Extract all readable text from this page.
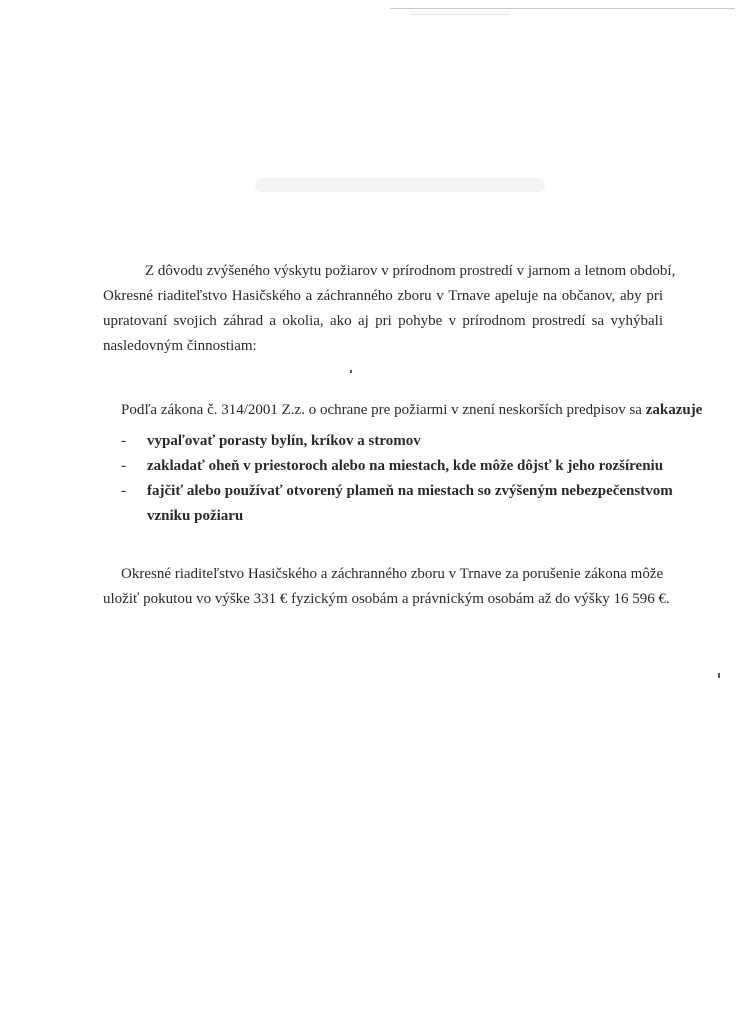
Z dôvodu zvýšeného výskytu požiarov v prírodnom prostredí v jarnom a letnom období,
Okresné riaditeľstvo Hasičského a záchranného zboru v Trnave apeluje na občanov, aby pri
upratovaní svojich záhrad a okolia, ako aj pri pohybe v prírodnom prostredí sa vyhýbali
nasledovným činnostiam:
Podľa zákona č. 314/2001 Z.z. o ochrane pre požiarmi v znení neskorších predpisov sa zakazuje
- vypaľovať porasty bylín, kríkov a stromov
- zakladať oheň v priestoroch alebo na miestach, kde môže dôjsť k jeho rozšíreniu
- fajčiť alebo používať otvorený plameň na miestach so zvýšeným nebezpečenstvom
vzniku požiaru
Okresné riaditeľstvo Hasičského a záchranného zboru v Trnave za porušenie zákona môže
uložiť pokutou vo výške 331 € fyzickým osobám a právnickým osobám až do výšky 16 596 €.
